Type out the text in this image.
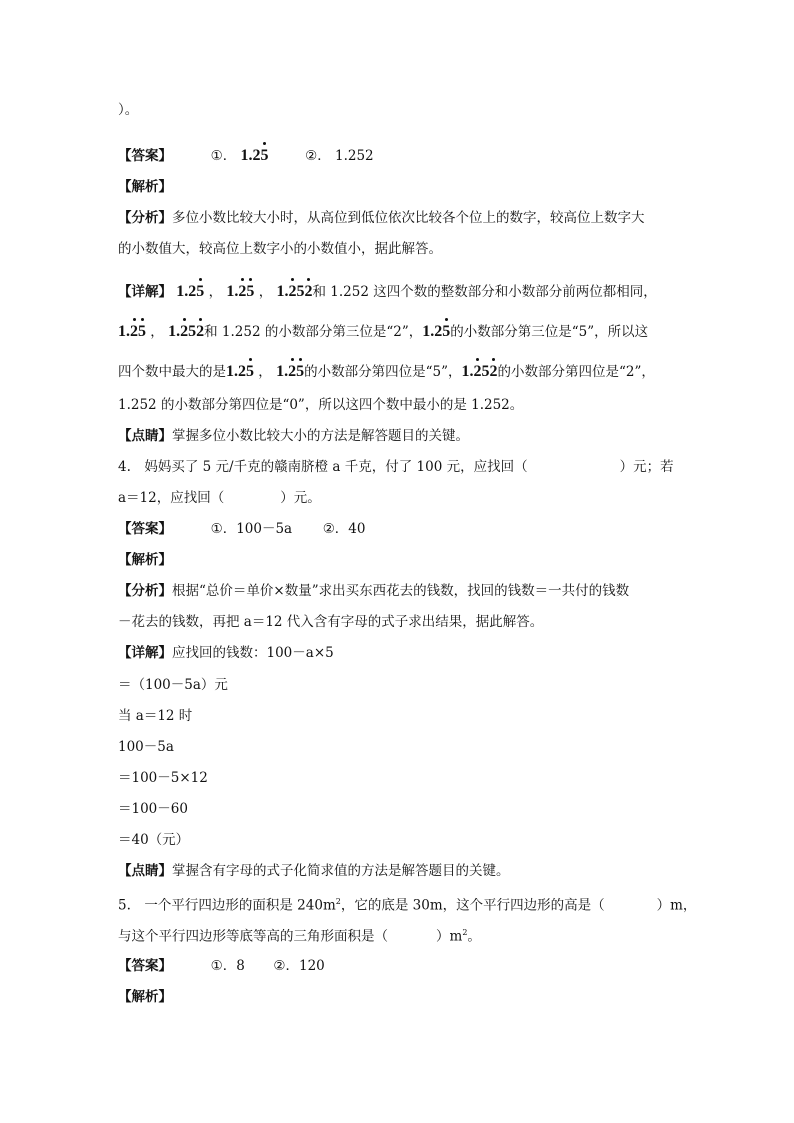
）。
【答案】	①． 1.25	②． 1.252
【解析】
【分析】多位小数比较大小时，从高位到低位依次比较各个位上的数字，较高位上数字大
的小数值大，较高位上数字小的小数值小，据此解答。
【详解】 1.25 ， 1.25 ， 1.252和 1.252 这四个数的整数部分和小数部分前两位都相同，
1.25 ， 1.252和 1.252 的小数部分第三位是“2”，1.25的小数部分第三位是“5”，所以这
四个数中最大的是1.25 ， 1.25的小数部分第四位是“5”，1.252的小数部分第四位是“2”，
1.252 的小数部分第四位是“0”，所以这四个数中最小的是 1.252。
【点睛】掌握多位小数比较大小的方法是解答题目的关键。
4.　妈妈买了 5 元/千克的赣南脐橙 a 千克，付了 100 元，应找回（	）元；若
a＝12，应找回（	）元。
【答案】	①．100－5a ②．40
【解析】
【分析】根据“总价＝单价×数量”求出买东西花去的钱数，找回的钱数＝一共付的钱数
－花去的钱数，再把 a＝12 代入含有字母的式子求出结果，据此解答。
【详解】应找回的钱数：100－a×5
＝（100－5a）元
当 a＝12 时
100－5a
＝100－5×12
＝100－60
＝40（元）
【点睛】掌握含有字母的式子化简求值的方法是解答题目的关键。
5.　一个平行四边形的面积是 $240m^2$，它的底是 30m，这个平行四边形的高是（	）m，
与这个平行四边形等底等高的三角形面积是（	）$m^2$。
【答案】	①．8 ②．120
【解析】
